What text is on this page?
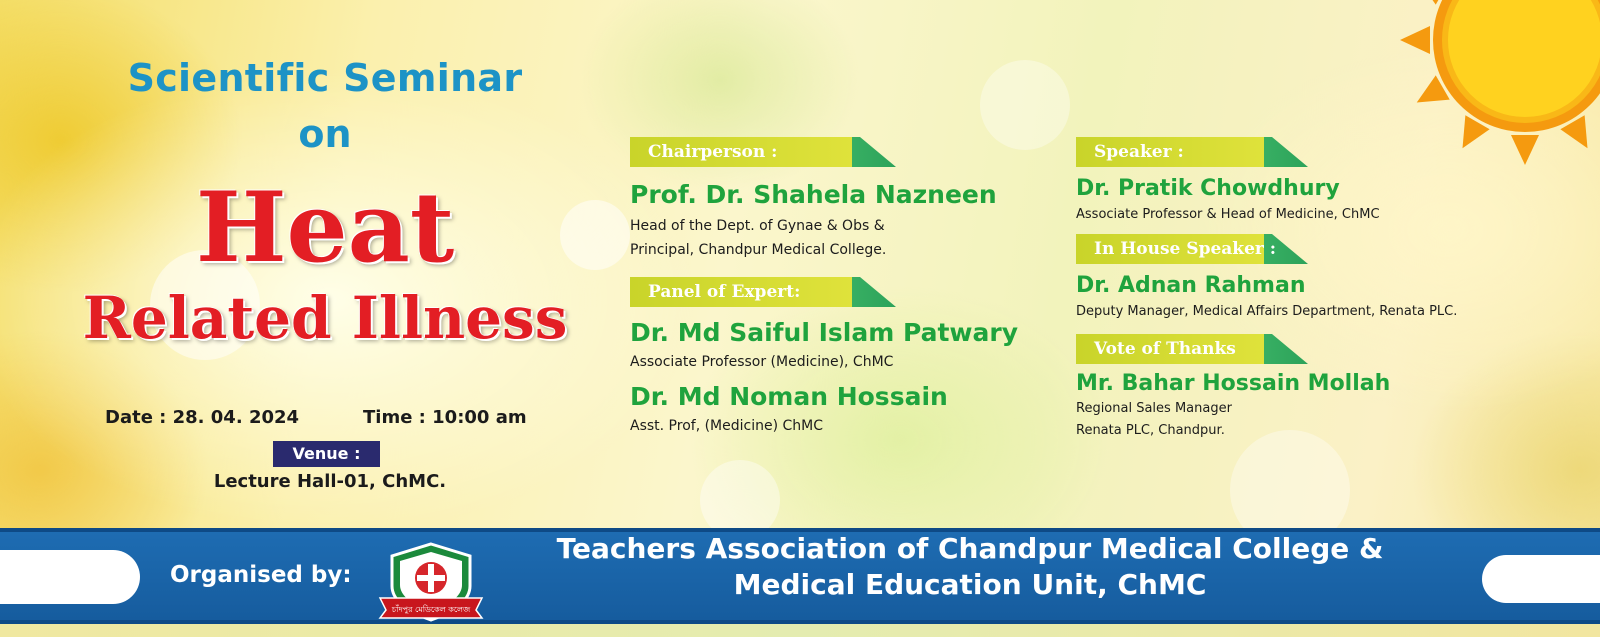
Scientific Seminar
on
Heat
Related Illness
Date : 28. 04. 2024	Time : 10:00 am
Venue :
Lecture Hall-01, ChMC.
Chairperson :
Prof. Dr. Shahela Nazneen
Head of the Dept. of Gynae & Obs &
Principal, Chandpur Medical College.
Panel of Expert:
Dr. Md Saiful Islam Patwary
Associate Professor (Medicine), ChMC
Dr. Md Noman Hossain
Asst. Prof, (Medicine) ChMC
Speaker :
Dr. Pratik Chowdhury
Associate Professor & Head of Medicine, ChMC
In House Speaker :
Dr. Adnan Rahman
Deputy Manager, Medical Affairs Department, Renata PLC.
Vote of Thanks
Mr. Bahar Hossain Mollah
Regional Sales Manager
Renata PLC, Chandpur.
Organised by:
চাঁদপুর মেডিকেল কলেজ
Teachers Association of Chandpur Medical College &
Medical Education Unit, ChMC
